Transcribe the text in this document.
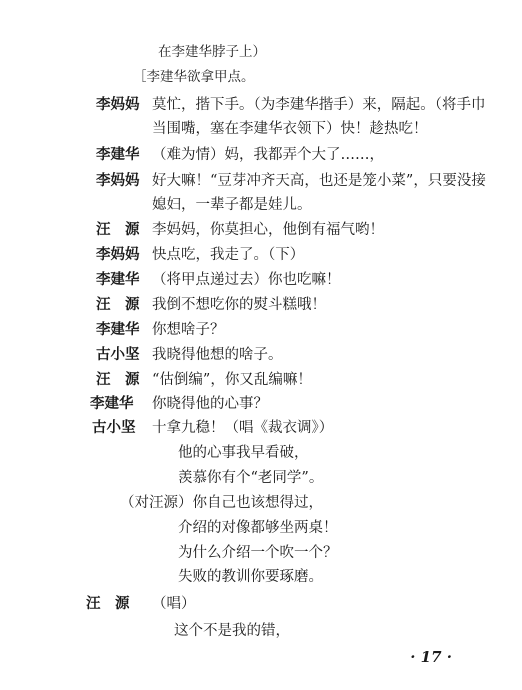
在李建华脖子上）
［李建华欲拿甲点。
李妈妈 莫忙，揩下手。（为李建华揩手）来，隔起。（将手巾
当围嘴，塞在李建华衣领下）快！趁热吃！
李建华 （难为情）妈，我都弄个大了……，
李妈妈 好大嘛！“豆芽冲齐天高，也还是笼小菜”，只要没接
媳妇，一辈子都是娃儿。
汪　源 李妈妈，你莫担心，他倒有福气哟！
李妈妈 快点吃，我走了。（下）
李建华 （将甲点递过去）你也吃嘛！
汪　源 我倒不想吃你的熨斗糕哦！
李建华 你想啥子？
古小坚 我晓得他想的啥子。
汪　源 “估倒编”，你又乱编嘛！
李建华 你晓得他的心事？
古小坚 十拿九稳！（唱《裁衣调》）
他的心事我早看破，
羡慕你有个“老同学”。
（对汪源）你自己也该想得过，
介绍的对像都够坐两桌！
为什么介绍一个吹一个？
失败的教训你要琢磨。
汪　源 （唱）
这个不是我的错，
· 17 ·
